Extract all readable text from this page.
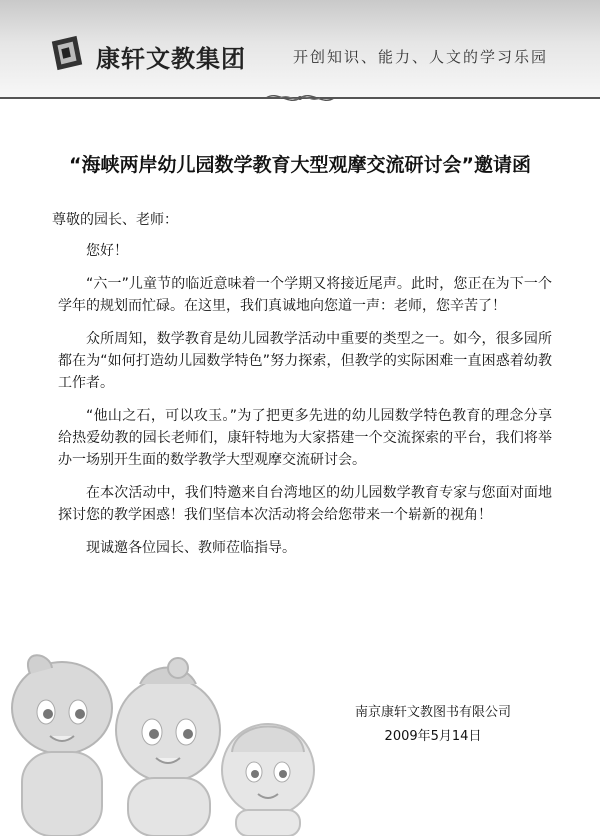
康轩文教集团	开创知识、能力、人文的学习乐园
“海峡两岸幼儿园数学教育大型观摩交流研讨会”邀请函
尊敬的园长、老师：

您好！

“六一”儿童节的临近意味着一个学期又将接近尾声。此时，您正在为下一个学年的规划而忙碌。在这里，我们真诚地向您道一声：老师，您辛苦了！

众所周知，数学教育是幼儿园教学活动中重要的类型之一。如今，很多园所都在为“如何打造幼儿园数学特色”努力探索，但教学的实际困难一直困惑着幼教工作者。

“他山之石，可以攻玉。”为了把更多先进的幼儿园数学特色教育的理念分享给热爱幼教的园长老师们，康轩特地为大家搭建一个交流探索的平台，我们将举办一场别开生面的数学教学大型观摩交流研讨会。

在本次活动中，我们特邀来自台湾地区的幼儿园数学教育专家与您面对面地探讨您的教学困惑！我们坚信本次活动将会给您带来一个崭新的视角！

现诚邀各位园长、教师莅临指导。

南京康轩文教图书有限公司
2009年5月14日
